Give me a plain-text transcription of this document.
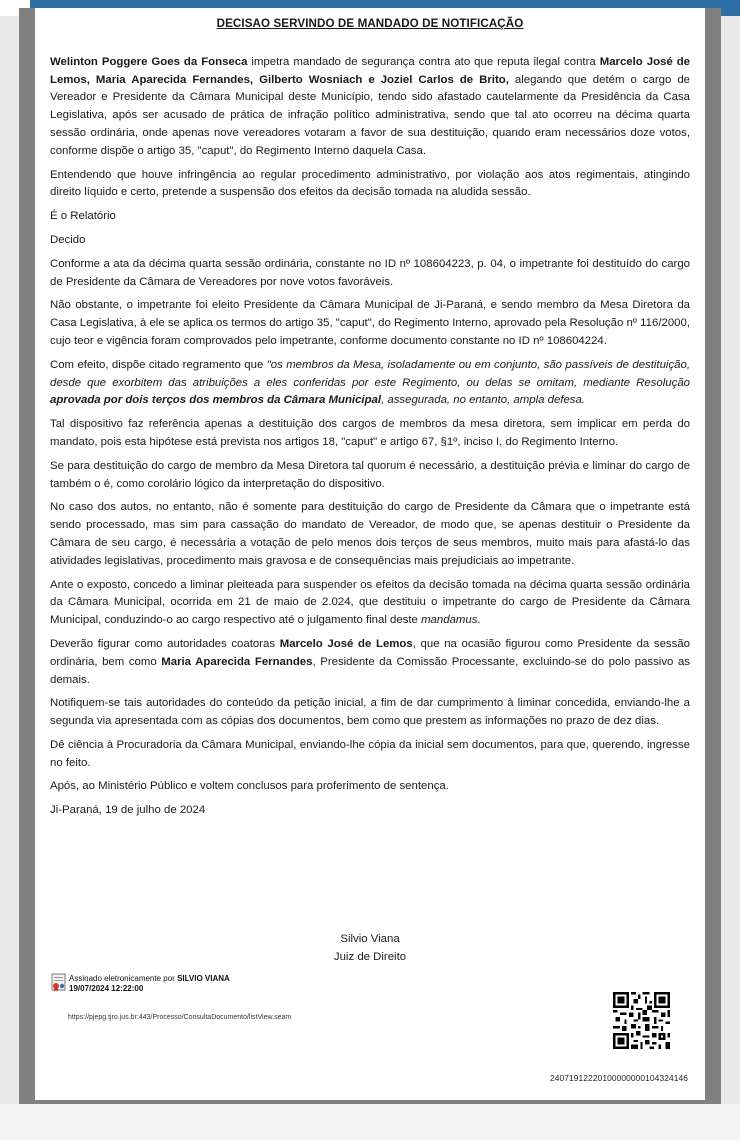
DECISAO SERVINDO DE MANDADO DE NOTIFICAÇÃO

Welinton Poggere Goes da Fonseca impetra mandado de segurança contra ato que reputa ilegal contra Marcelo José de Lemos, Maria Aparecida Fernandes, Gilberto Wosniach e Joziel Carlos de Brito, alegando que detém o cargo de Vereador e Presidente da Câmara Municipal deste Município, tendo sido afastado cautelarmente da Presidência da Casa Legislativa, após ser acusado de prática de infração político administrativa, sendo que tal ato ocorreu na décima quarta sessão ordinária, onde apenas nove vereadores votaram a favor de sua destituição, quando eram necessários doze votos, conforme dispõe o artigo 35, "caput", do Regimento Interno daquela Casa.

Entendendo que houve infringência ao regular procedimento administrativo, por violação aos atos regimentais, atingindo direito líquido e certo, pretende a suspensão dos efeitos da decisão tomada na aludida sessão.

É o Relatório

Decido

Conforme a ata da décima quarta sessão ordinária, constante no ID nº 108604223, p. 04, o impetrante foi destituído do cargo de Presidente da Câmara de Vereadores por nove votos favoráveis.

Não obstante, o impetrante foi eleito Presidente da Câmara Municipal de Ji-Paraná, e sendo membro da Mesa Diretora da Casa Legislativa, à ele se aplica os termos do artigo 35, "caput", do Regimento Interno, aprovado pela Resolução nº 116/2000, cujo teor e vigência foram comprovados pelo impetrante, conforme documento constante no ID nº 108604224.

Com efeito, dispõe citado regramento que "os membros da Mesa, isoladamente ou em conjunto, são passíveis de destituição, desde que exorbitem das atribuições a eles conferidas por este Regimento, ou delas se omitam, mediante Resolução aprovada por dois terços dos membros da Câmara Municipal, assegurada, no entanto, ampla defesa.

Tal dispositivo faz referência apenas a destituição dos cargos de membros da mesa diretora, sem implicar em perda do mandato, pois esta hipótese está prevista nos artigos 18, "caput" e artigo 67, §1º, inciso I, do Regimento Interno.

Se para destituição do cargo de membro da Mesa Diretora tal quorum é necessário, a destituição prévia e liminar do cargo de também o é, como corolário lógico da interpretação do dispositivo.

No caso dos autos, no entanto, não é somente para destituição do cargo de Presidente da Câmara que o impetrante está sendo processado, mas sim para cassação do mandato de Vereador, de modo que, se apenas destituir o Presidente da Câmara de seu cargo, é necessária a votação de pelo menos dois terços de seus membros, muito mais para afastá-lo das atividades legislativas, procedimento mais gravosa e de consequências mais prejudiciais ao impetrante.

Ante o exposto, concedo a liminar pleiteada para suspender os efeitos da decisão tomada na décima quarta sessão ordinária da Câmara Municipal, ocorrida em 21 de maio de 2.024, que destituiu o impetrante do cargo de Presidente da Câmara Municipal, conduzindo-o ao cargo respectivo até o julgamento final deste mandamus.

Deverão figurar como autoridades coatoras Marcelo José de Lemos, que na ocasião figurou como Presidente da sessão ordinária, bem como Maria Aparecida Fernandes, Presidente da Comissão Processante, excluindo-se do polo passivo as demais.

Notifiquem-se tais autoridades do conteúdo da petição inicial, a fim de dar cumprimento à liminar concedida, enviando-lhe a segunda via apresentada com as cópias dos documentos, bem como que prestem as informações no prazo de dez dias.

Dê ciência à Procuradoria da Câmara Municipal, enviando-lhe cópia da inicial sem documentos, para que, querendo, ingresse no feito.

Após, ao Ministério Público e voltem conclusos para proferimento de sentença.

Ji-Paraná, 19 de julho de 2024

Silvio Viana
Juiz de Direito
Assinado eletronicamente por SILVIO VIANA
19/07/2024 12:22:00
https://pjepg.tjro.jus.br:443/Processo/ConsultaDocumento/listView.seam
24071912220100000000104324146
